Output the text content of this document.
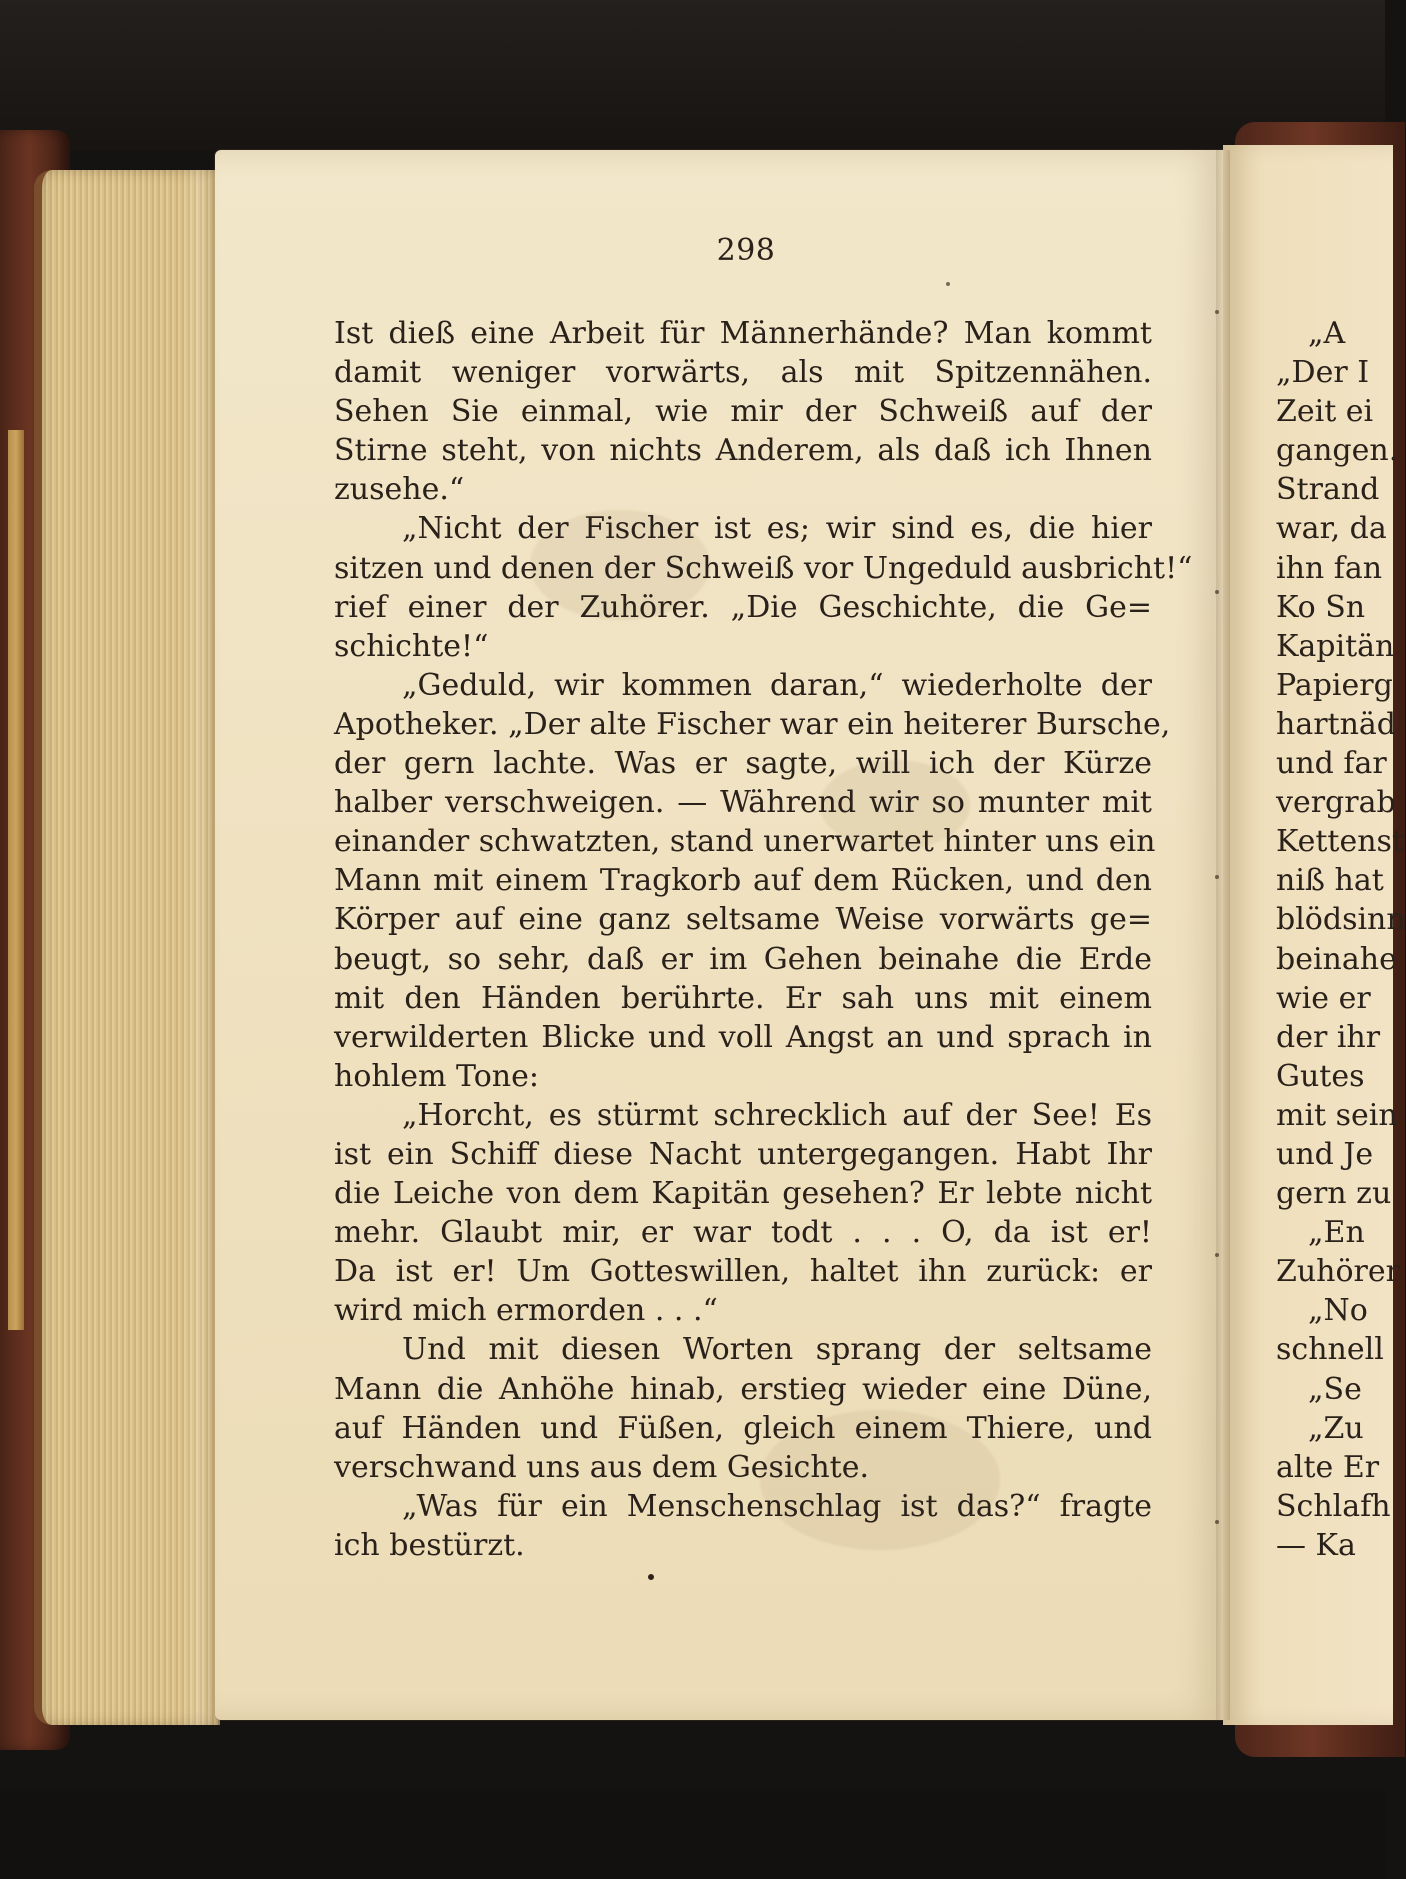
298
Ist dieß eine Arbeit für Männerhände? Man kommt
damit weniger vorwärts, als mit Spitzennähen.
Sehen Sie einmal, wie mir der Schweiß auf der
Stirne steht, von nichts Anderem, als daß ich Ihnen
zusehe.“
„Nicht der Fischer ist es; wir sind es, die hier
sitzen und denen der Schweiß vor Ungeduld ausbricht!“
rief einer der Zuhörer. „Die Geschichte, die Ge=
schichte!“
„Geduld, wir kommen daran,“ wiederholte der
Apotheker. „Der alte Fischer war ein heiterer Bursche,
der gern lachte. Was er sagte, will ich der Kürze
halber verschweigen. — Während wir so munter mit
einander schwatzten, stand unerwartet hinter uns ein
Mann mit einem Tragkorb auf dem Rücken, und den
Körper auf eine ganz seltsame Weise vorwärts ge=
beugt, so sehr, daß er im Gehen beinahe die Erde
mit den Händen berührte. Er sah uns mit einem
verwilderten Blicke und voll Angst an und sprach in
hohlem Tone:
„Horcht, es stürmt schrecklich auf der See! Es
ist ein Schiff diese Nacht untergegangen. Habt Ihr
die Leiche von dem Kapitän gesehen? Er lebte nicht
mehr. Glaubt mir, er war todt . . . O, da ist er!
Da ist er! Um Gotteswillen, haltet ihn zurück: er
wird mich ermorden . . .“
Und mit diesen Worten sprang der seltsame
Mann die Anhöhe hinab, erstieg wieder eine Düne,
auf Händen und Füßen, gleich einem Thiere, und
verschwand uns aus dem Gesichte.
„Was für ein Menschenschlag ist das?“ fragte
ich bestürzt.
„A
„Der I
Zeit ei
gangen.
Strand
war, da
ihn fan
Ko Sn
Kapitän
Papierg
hartnäd
und far
vergrab
Kettenst
niß hat
blödsinn
beinahe
wie er
der ihr
Gutes
mit sein
und Je
gern zu
„En
Zuhörer
„No
schnell
„Se
„Zu
alte Er
Schlafh
— Ka
